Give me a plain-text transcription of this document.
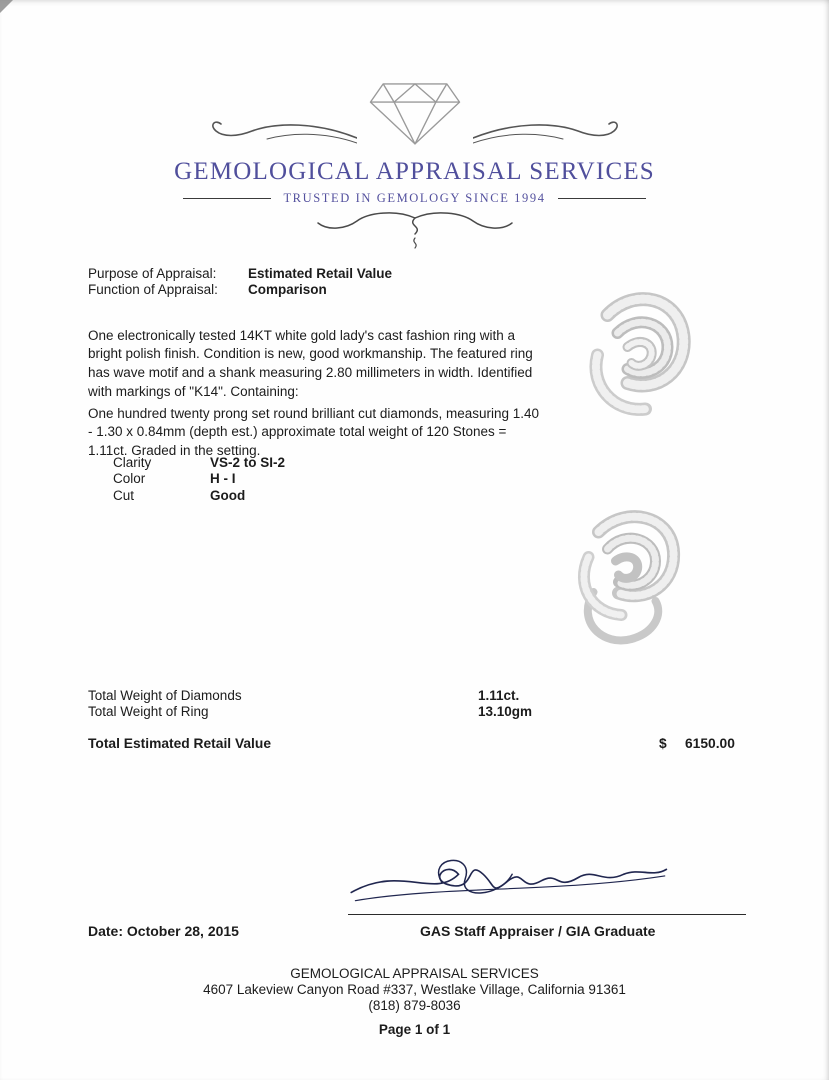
GEMOLOGICAL APPRAISAL SERVICES
TRUSTED IN GEMOLOGY SINCE 1994
Purpose of Appraisal:	Estimated Retail Value
Function of Appraisal:	Comparison

One electronically tested 14KT white gold lady's cast fashion ring with a bright polish finish. Condition is new, good workmanship. The featured ring has wave motif and a shank measuring 2.80 millimeters in width. Identified with markings of "K14". Containing:

One hundred twenty prong set round brilliant cut diamonds, measuring 1.40 - 1.30 x 0.84mm (depth est.) approximate total weight of 120 Stones = 1.11ct. Graded in the setting.

Clarity	VS-2 to SI-2
Color	H - I
Cut	Good
Total Weight of Diamonds	1.11ct.
Total Weight of Ring	13.10gm
Total Estimated Retail Value	$ 6150.00
Date: October 28, 2015	GAS Staff Appraiser / GIA Graduate
GEMOLOGICAL APPRAISAL SERVICES
4607 Lakeview Canyon Road #337, Westlake Village, California 91361
(818) 879-8036
Page 1 of 1
